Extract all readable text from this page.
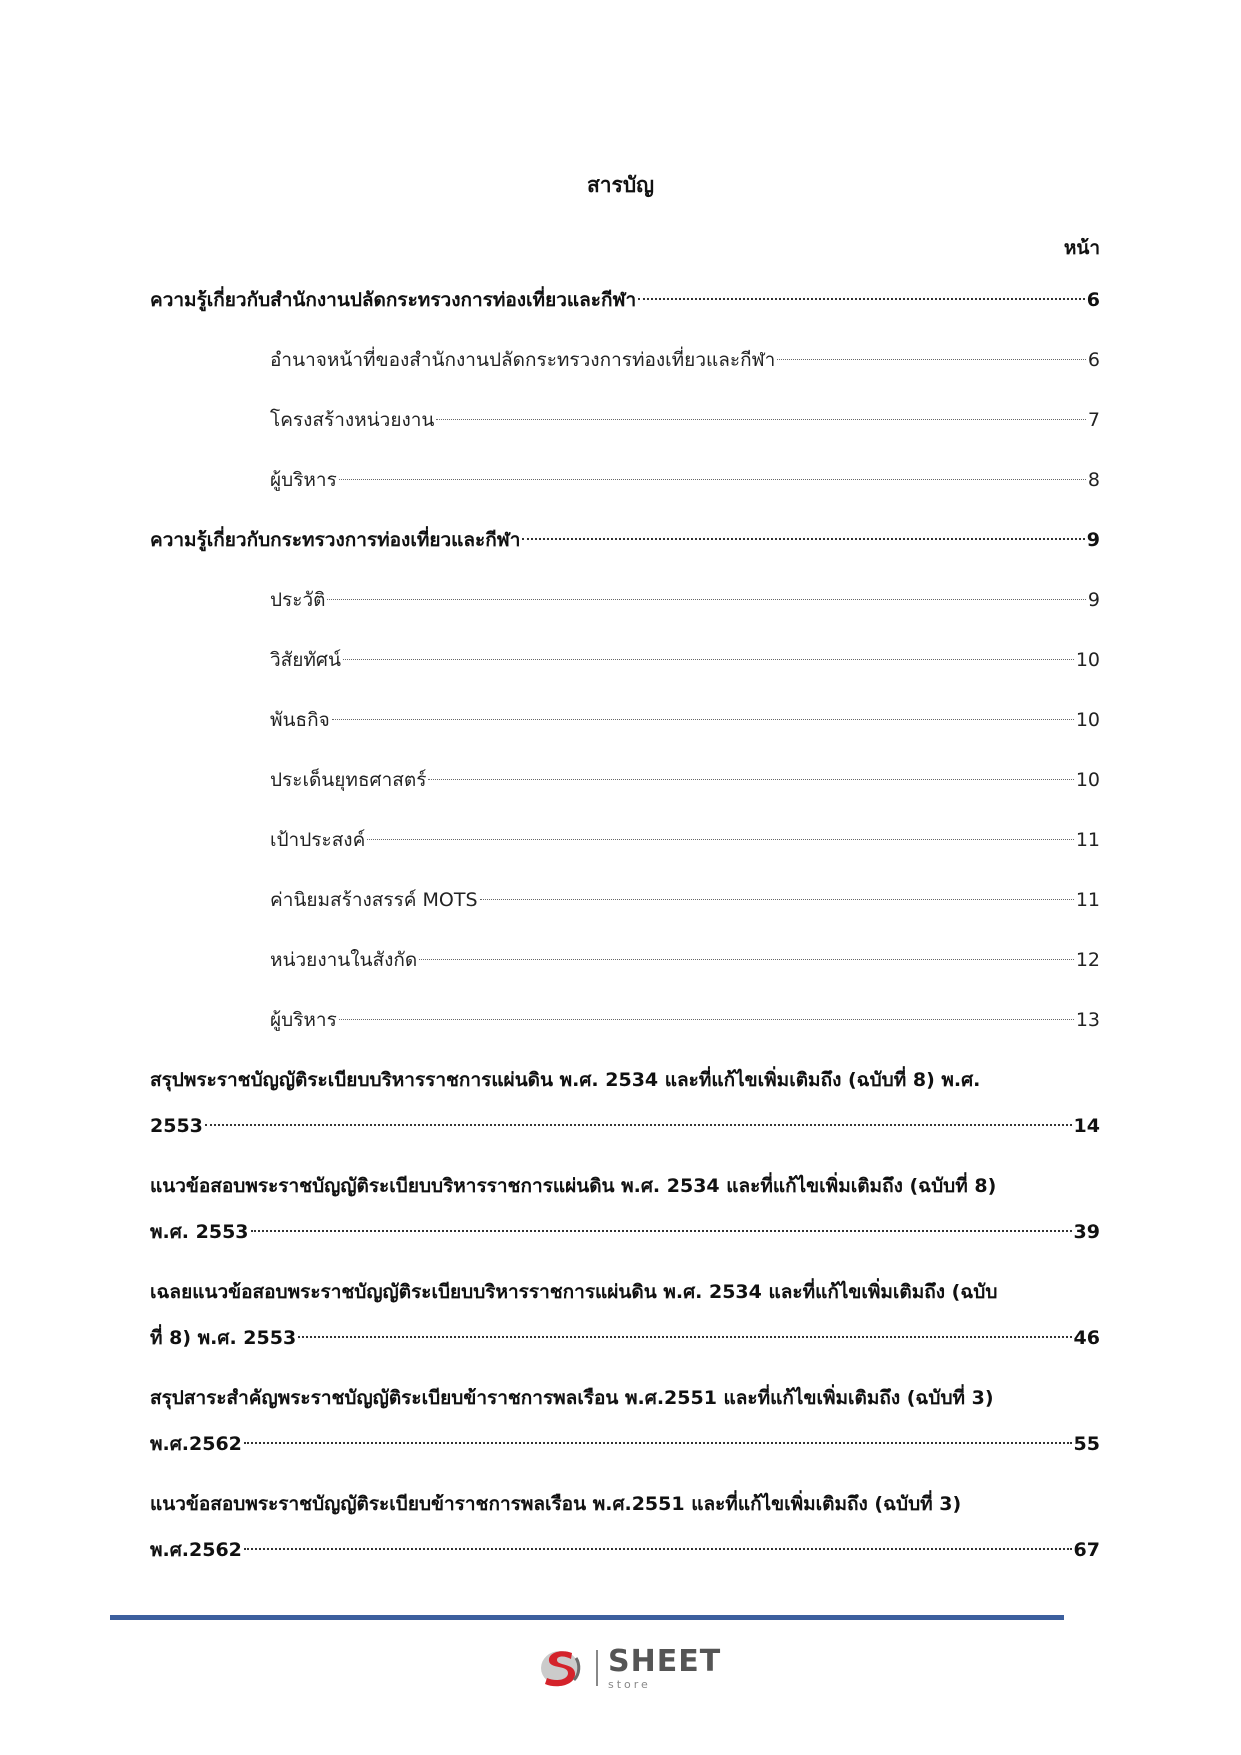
สารบัญ
หน้า
ความรู้เกี่ยวกับสำนักงานปลัดกระทรวงการท่องเที่ยวและกีฬา	6
อำนาจหน้าที่ของสำนักงานปลัดกระทรวงการท่องเที่ยวและกีฬา	6
โครงสร้างหน่วยงาน	7
ผู้บริหาร	8
ความรู้เกี่ยวกับกระทรวงการท่องเที่ยวและกีฬา	9
ประวัติ	9
วิสัยทัศน์	10
พันธกิจ	10
ประเด็นยุทธศาสตร์	10
เป้าประสงค์	11
ค่านิยมสร้างสรรค์ MOTS	11
หน่วยงานในสังกัด	12
ผู้บริหาร	13
สรุปพระราชบัญญัติระเบียบบริหารราชการแผ่นดิน พ.ศ. 2534 และที่แก้ไขเพิ่มเติมถึง (ฉบับที่ 8) พ.ศ.
2553	14
แนวข้อสอบพระราชบัญญัติระเบียบบริหารราชการแผ่นดิน พ.ศ. 2534 และที่แก้ไขเพิ่มเติมถึง (ฉบับที่ 8)
พ.ศ. 2553	39
เฉลยแนวข้อสอบพระราชบัญญัติระเบียบบริหารราชการแผ่นดิน พ.ศ. 2534 และที่แก้ไขเพิ่มเติมถึง (ฉบับ
ที่ 8) พ.ศ. 2553	46
สรุปสาระสำคัญพระราชบัญญัติระเบียบข้าราชการพลเรือน พ.ศ.2551 และที่แก้ไขเพิ่มเติมถึง (ฉบับที่ 3)
พ.ศ.2562	55
แนวข้อสอบพระราชบัญญัติระเบียบข้าราชการพลเรือน พ.ศ.2551 และที่แก้ไขเพิ่มเติมถึง (ฉบับที่ 3)
พ.ศ.2562	67
SHEET
store
